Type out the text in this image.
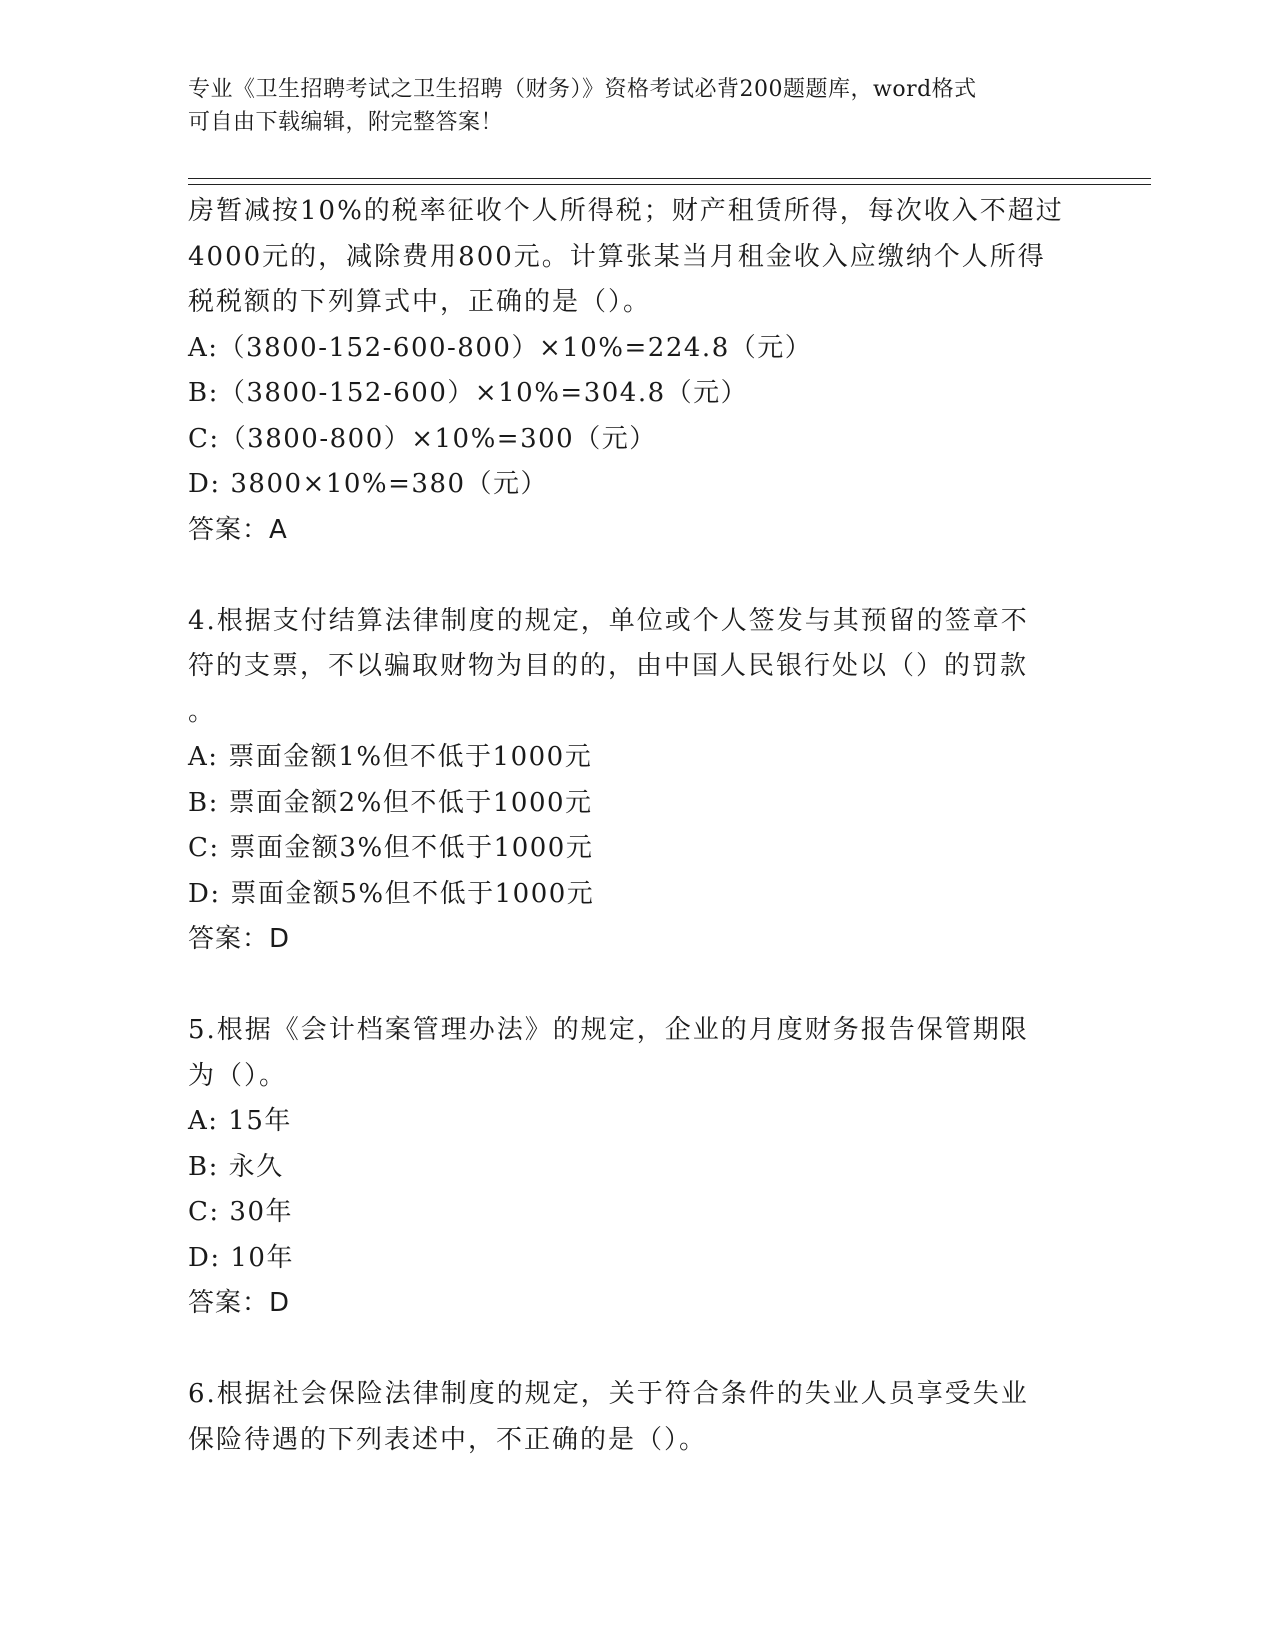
专业《卫生招聘考试之卫生招聘（财务）》资格考试必背200题题库，word格式
可自由下载编辑，附完整答案！

房暂减按10%的税率征收个人所得税；财产租赁所得，每次收入不超过

4000元的，减除费用800元。计算张某当月租金收入应缴纳个人所得

税税额的下列算式中，正确的是（）。

A:（3800-152-600-800）×10%=224.8（元）

B:（3800-152-600）×10%=304.8（元）

C:（3800-800）×10%=300（元）

D: 3800×10%=380（元）

答案：A

4.根据支付结算法律制度的规定，单位或个人签发与其预留的签章不

符的支票，不以骗取财物为目的的，由中国人民银行处以（）的罚款

。

A: 票面金额1%但不低于1000元

B: 票面金额2%但不低于1000元

C: 票面金额3%但不低于1000元

D: 票面金额5%但不低于1000元

答案：D

5.根据《会计档案管理办法》的规定，企业的月度财务报告保管期限

为（）。

A: 15年

B: 永久

C: 30年

D: 10年

答案：D

6.根据社会保险法律制度的规定，关于符合条件的失业人员享受失业

保险待遇的下列表述中，不正确的是（）。
